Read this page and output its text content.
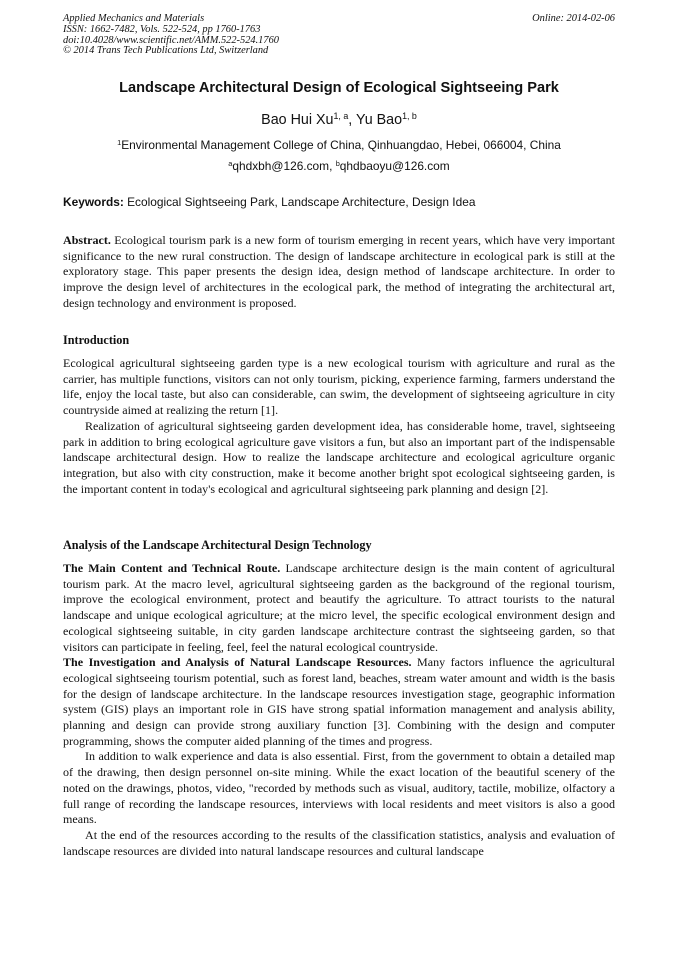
Applied Mechanics and Materials
ISSN: 1662-7482, Vols. 522-524, pp 1760-1763
doi:10.4028/www.scientific.net/AMM.522-524.1760
© 2014 Trans Tech Publications Ltd, Switzerland
Online: 2014-02-06
Landscape Architectural Design of Ecological Sightseeing Park
Bao Hui Xu$^{1, a}$, Yu Bao$^{1, b}$
$^1$Environmental Management College of China, Qinhuangdao, Hebei, 066004, China
$^a$qhdxbh@126.com, $^b$qhdbaoyu@126.com
Keywords: Ecological Sightseeing Park, Landscape Architecture, Design Idea

Abstract. Ecological tourism park is a new form of tourism emerging in recent years, which have very important significance to the new rural construction. The design of landscape architecture in ecological park is still at the exploratory stage. This paper presents the design idea, design method of landscape architecture. In order to improve the design level of architectures in the ecological park, the method of integrating the architectural art, design technology and environment is proposed.

Introduction

Ecological agricultural sightseeing garden type is a new ecological tourism with agriculture and rural as the carrier, has multiple functions, visitors can not only tourism, picking, experience farming, farmers understand the life, enjoy the local taste, but also can considerable, can swim, the development of sightseeing agriculture in city countryside aimed at realizing the return [1].

Realization of agricultural sightseeing garden development idea, has considerable home, travel, sightseeing park in addition to bring ecological agriculture gave visitors a fun, but also an important part of the indispensable landscape architectural design. How to realize the landscape architecture and ecological agriculture organic integration, but also with city construction, make it become another bright spot ecological sightseeing garden, is the important content in today's ecological and agricultural sightseeing park planning and design [2].

Analysis of the Landscape Architectural Design Technology

The Main Content and Technical Route. Landscape architecture design is the main content of agricultural tourism park. At the macro level, agricultural sightseeing garden as the background of the regional tourism, improve the ecological environment, protect and beautify the agriculture. To attract tourists to the natural landscape and unique ecological agriculture; at the micro level, the specific ecological environment design and ecological sightseeing suitable, in city garden landscape architecture contrast the sightseeing garden, so that visitors can participate in feeling, feel, feel the natural ecological countryside.

The Investigation and Analysis of Natural Landscape Resources. Many factors influence the agricultural ecological sightseeing tourism potential, such as forest land, beaches, stream water amount and width is the basis for the design of landscape architecture. In the landscape resources investigation stage, geographic information system (GIS) plays an important role in GIS have strong spatial information management and analysis ability, planning and design can provide strong auxiliary function [3]. Combining with the design and computer programming, shows the computer aided planning of the times and progress.

In addition to walk experience and data is also essential. First, from the government to obtain a detailed map of the drawing, then design personnel on-site mining. While the exact location of the beautiful scenery of the noted on the drawings, photos, video, "recorded by methods such as visual, auditory, tactile, mobilize, olfactory a full range of recording the landscape resources, interviews with local residents and meet visitors is also a good means.

At the end of the resources according to the results of the classification statistics, analysis and evaluation of landscape resources are divided into natural landscape resources and cultural landscape
